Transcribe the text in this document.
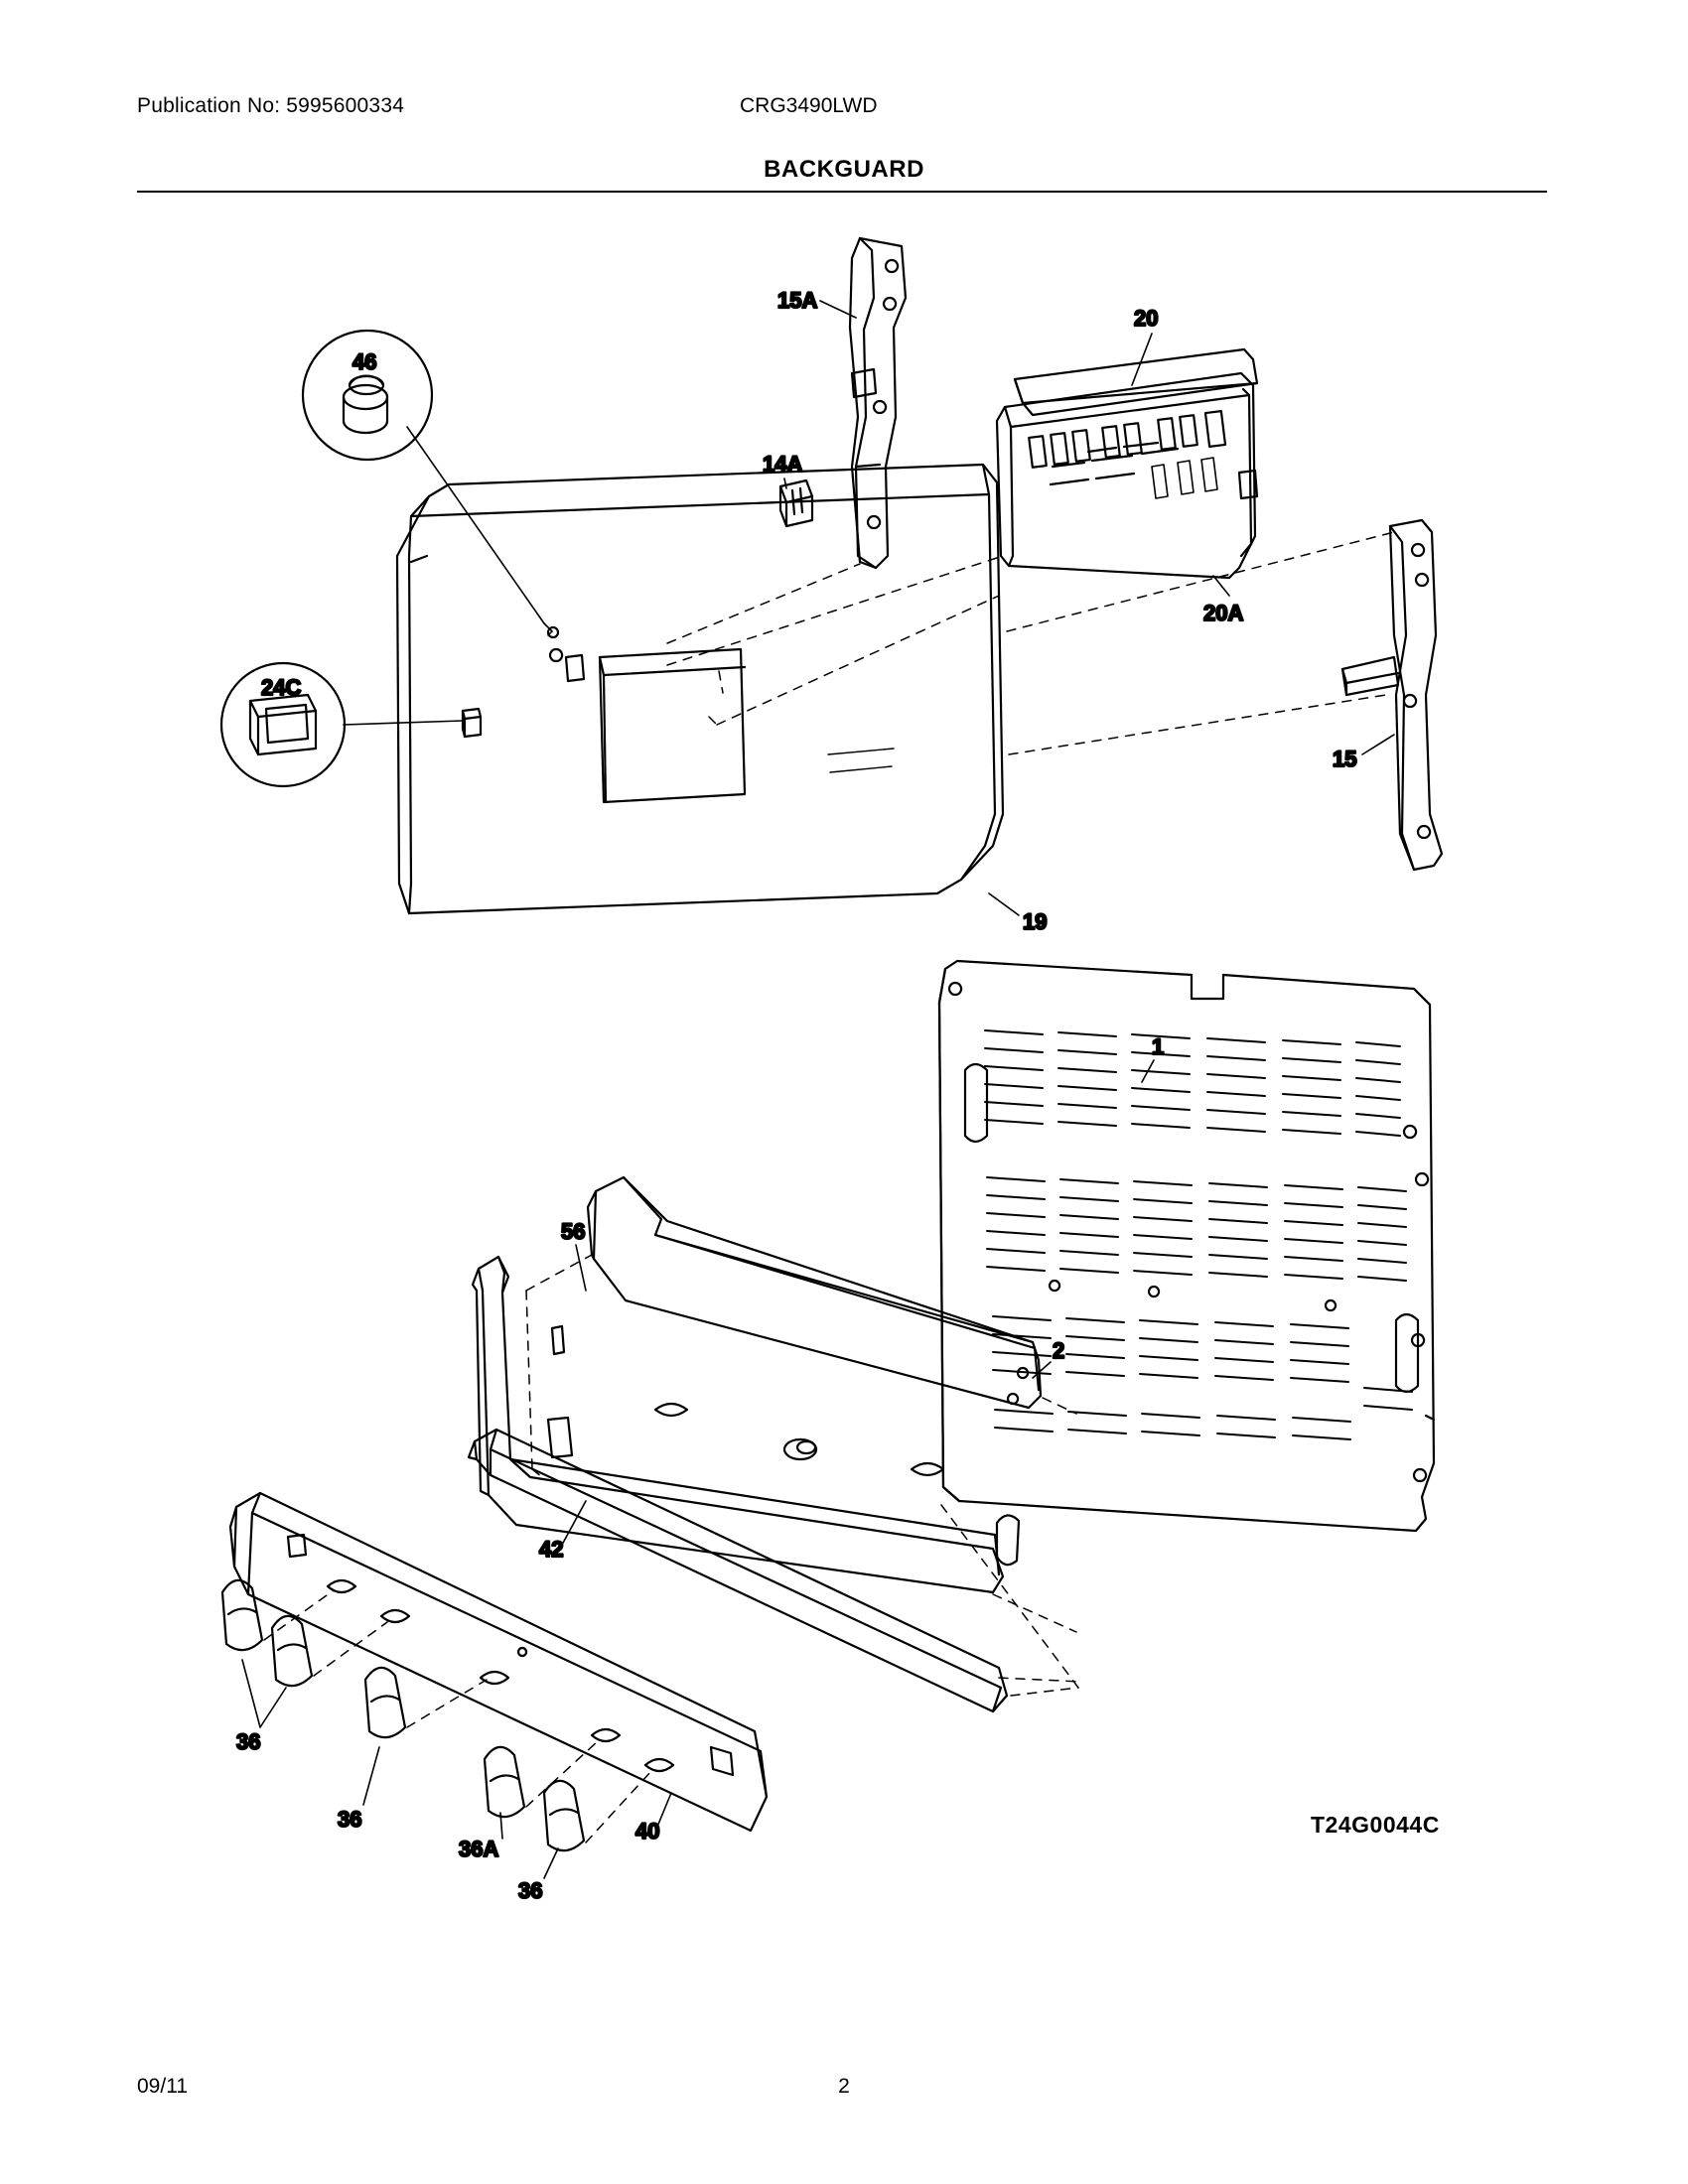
Publication No: 5995600334	CRG3490LWD
BACKGUARD
15A
14A
20
20A
46
24C
19
15
1
2
56
42
40
36
36
36A
36
T24G0044C
09/11	2
